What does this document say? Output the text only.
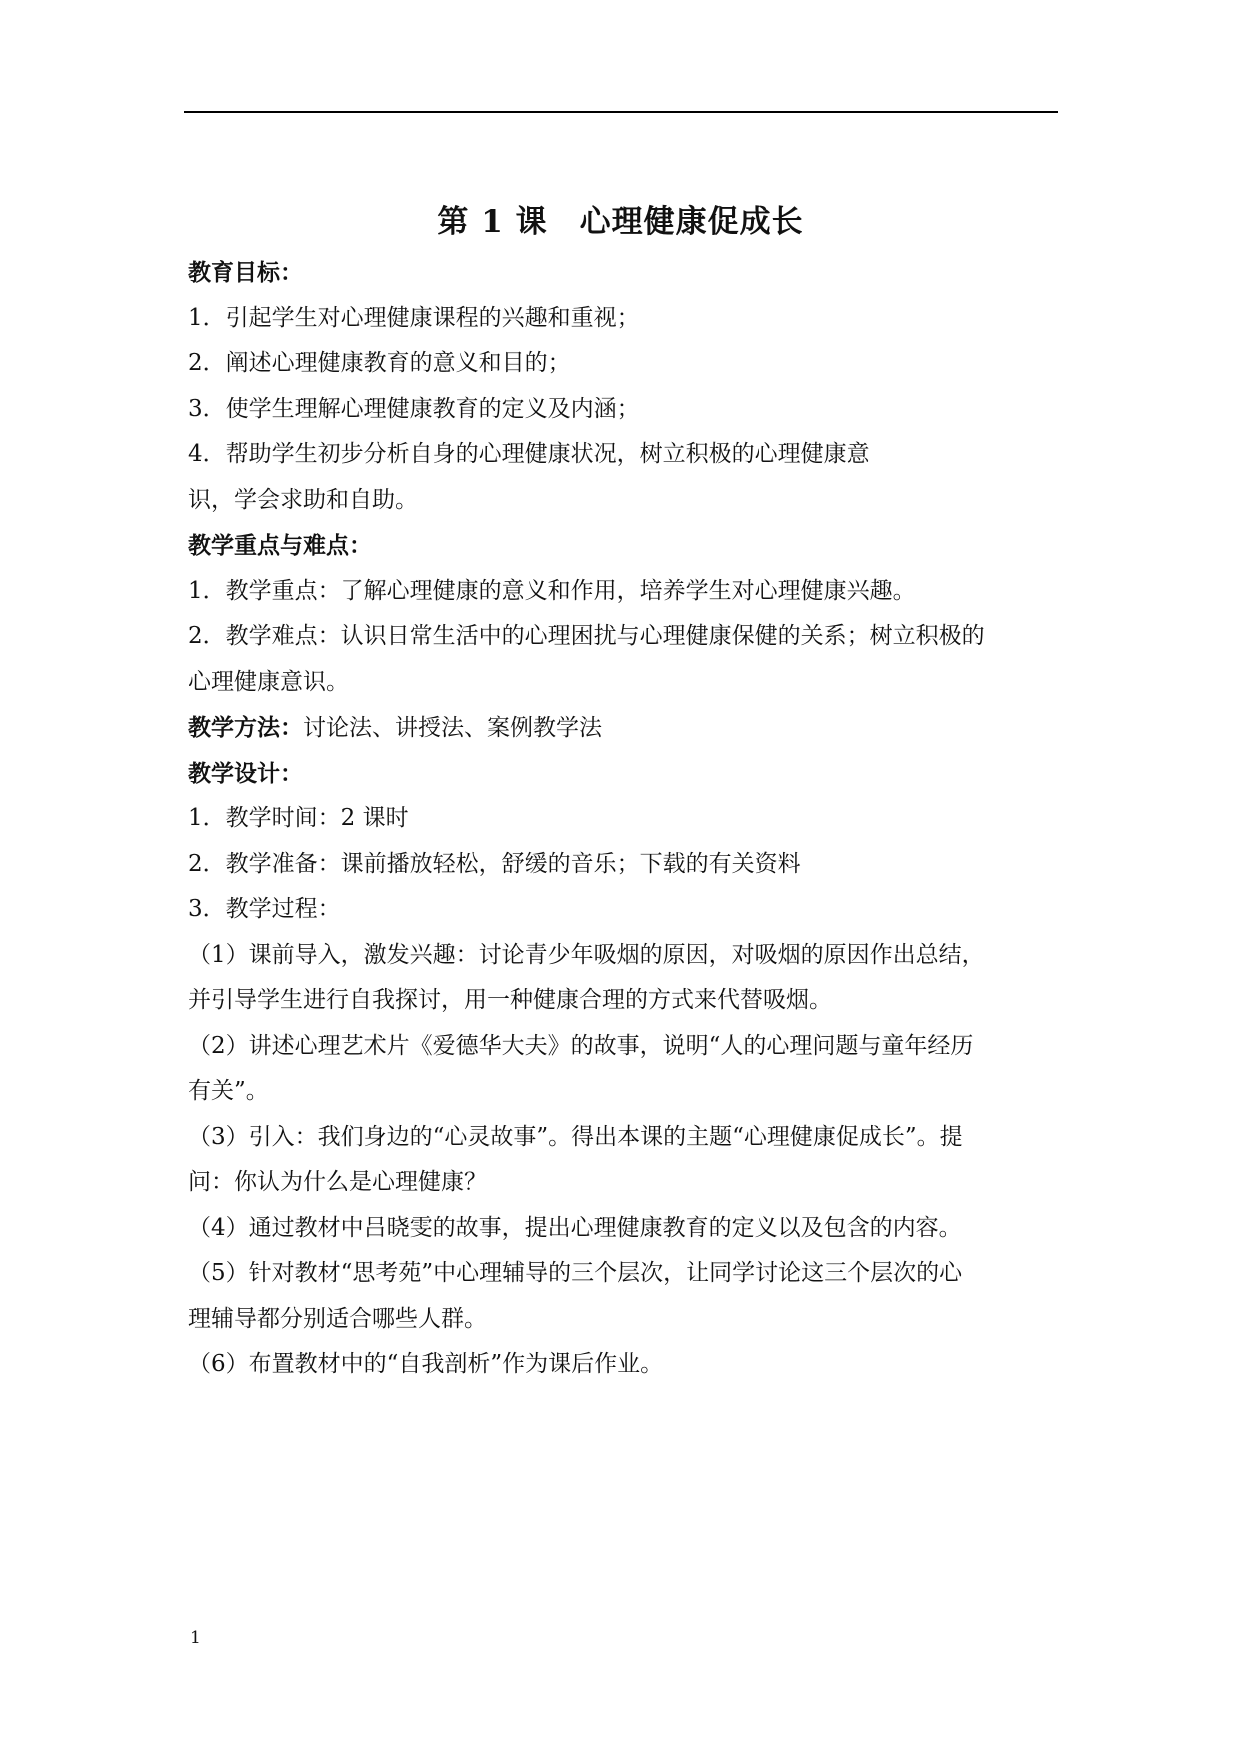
第 1 课　心理健康促成长
教育目标：
1．引起学生对心理健康课程的兴趣和重视；
2．阐述心理健康教育的意义和目的；
3．使学生理解心理健康教育的定义及内涵；
4．帮助学生初步分析自身的心理健康状况，树立积极的心理健康意
识，学会求助和自助。
教学重点与难点：
1．教学重点：了解心理健康的意义和作用，培养学生对心理健康兴趣。
2．教学难点：认识日常生活中的心理困扰与心理健康保健的关系；树立积极的
心理健康意识。
教学方法：讨论法、讲授法、案例教学法
教学设计：
1．教学时间：2 课时
2．教学准备：课前播放轻松，舒缓的音乐；下载的有关资料
3．教学过程：
（1）课前导入，激发兴趣：讨论青少年吸烟的原因，对吸烟的原因作出总结，
并引导学生进行自我探讨，用一种健康合理的方式来代替吸烟。
（2）讲述心理艺术片《爱德华大夫》的故事，说明“人的心理问题与童年经历
有关”。
（3）引入：我们身边的“心灵故事”。得出本课的主题“心理健康促成长”。提
问：你认为什么是心理健康？
（4）通过教材中吕晓雯的故事，提出心理健康教育的定义以及包含的内容。
（5）针对教材“思考苑”中心理辅导的三个层次，让同学讨论这三个层次的心
理辅导都分别适合哪些人群。
（6）布置教材中的“自我剖析”作为课后作业。
1
